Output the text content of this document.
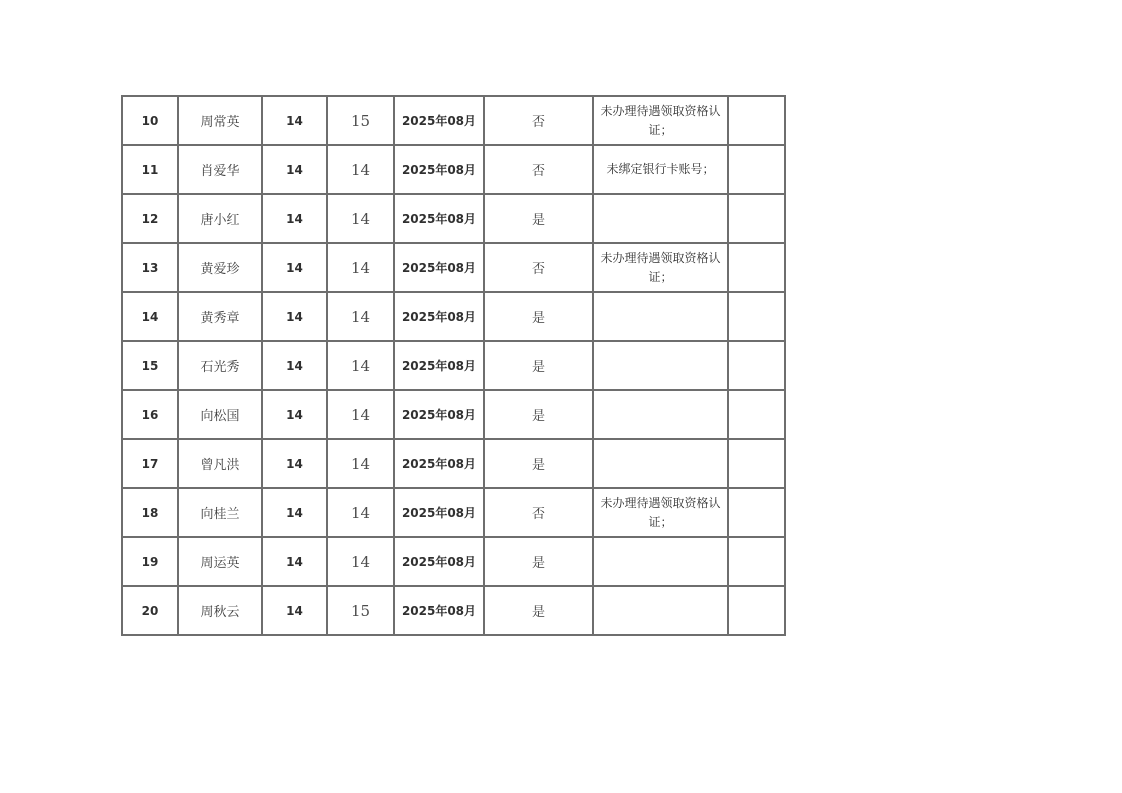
10	周常英	14	15	2025年08月	否	未办理待遇领取资格认证；	
11	肖爱华	14	14	2025年08月	否	未绑定银行卡账号；	
12	唐小红	14	14	2025年08月	是		
13	黄爱珍	14	14	2025年08月	否	未办理待遇领取资格认证；	
14	黄秀章	14	14	2025年08月	是		
15	石光秀	14	14	2025年08月	是		
16	向松国	14	14	2025年08月	是		
17	曾凡洪	14	14	2025年08月	是		
18	向桂兰	14	14	2025年08月	否	未办理待遇领取资格认证；	
19	周运英	14	14	2025年08月	是		
20	周秋云	14	15	2025年08月	是		
